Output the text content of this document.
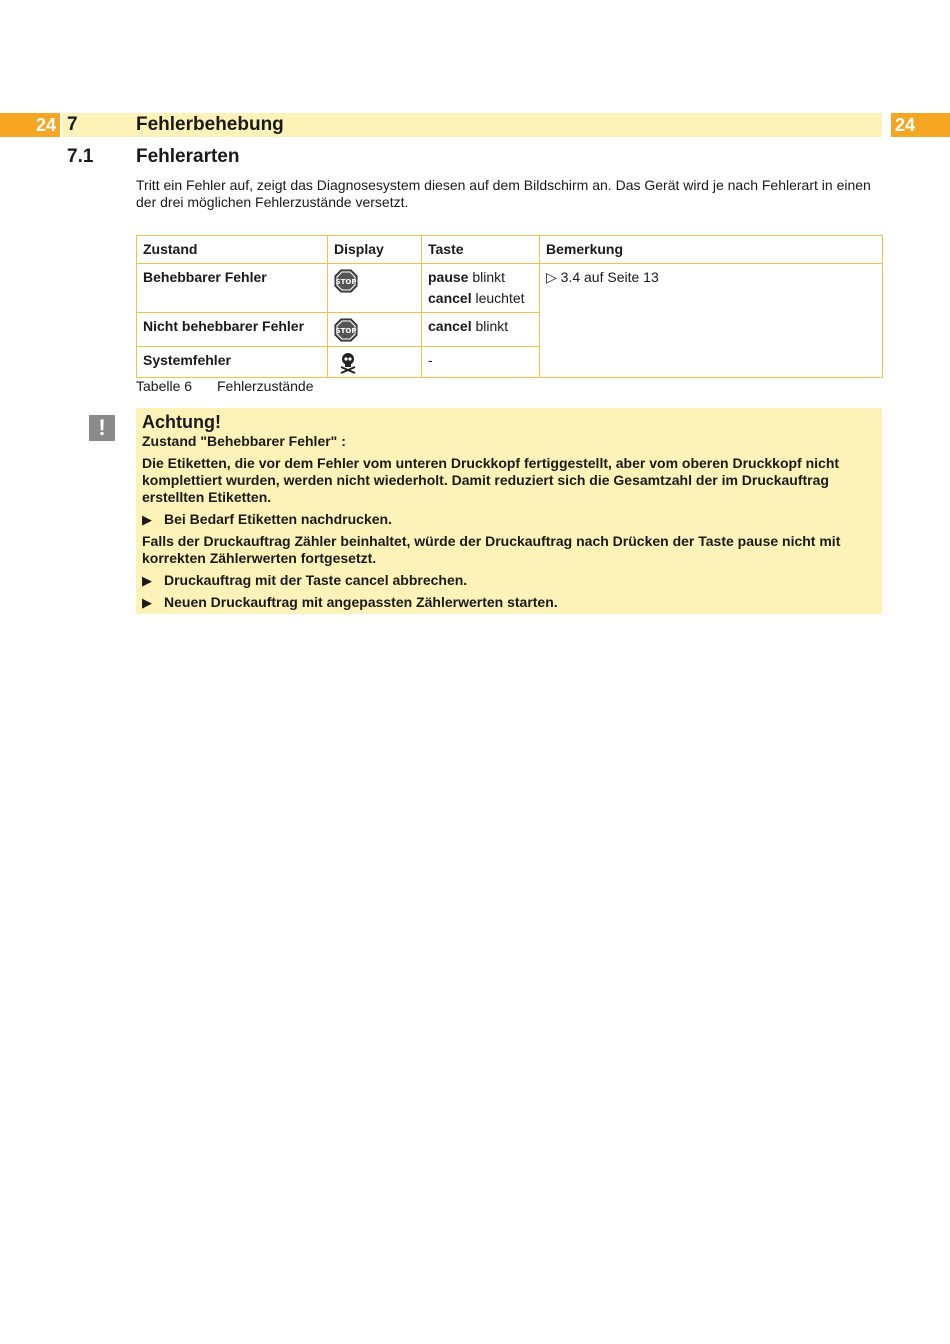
24	24
7	Fehlerbehebung
7.1 Fehlerarten
Tritt ein Fehler auf, zeigt das Diagnosesystem diesen auf dem Bildschirm an. Das Gerät wird je nach Fehlerart in einen der drei möglichen Fehlerzustände versetzt.
Zustand	Display	Taste	Bemerkung
Behebbarer Fehler	STOP	pause blinkt
cancel leuchtet	▷ 3.4 auf Seite 13
Nicht behebbarer Fehler	STOP	cancel blinkt	
Systemfehler		-	
Tabelle 6 Fehlerzustände
!	Achtung!

Zustand "Behebbarer Fehler" :

Die Etiketten, die vor dem Fehler vom unteren Druckkopf fertiggestellt, aber vom oberen Druckkopf nicht komplettiert wurden, werden nicht wiederholt. Damit reduziert sich die Gesamtzahl der im Druckauftrag erstellten Etiketten.

▶ Bei Bedarf Etiketten nachdrucken.

Falls der Druckauftrag Zähler beinhaltet, würde der Druckauftrag nach Drücken der Taste pause nicht mit korrekten Zählerwerten fortgesetzt.

▶ Druckauftrag mit der Taste cancel abbrechen.
▶ Neuen Druckauftrag mit angepassten Zählerwerten starten.
